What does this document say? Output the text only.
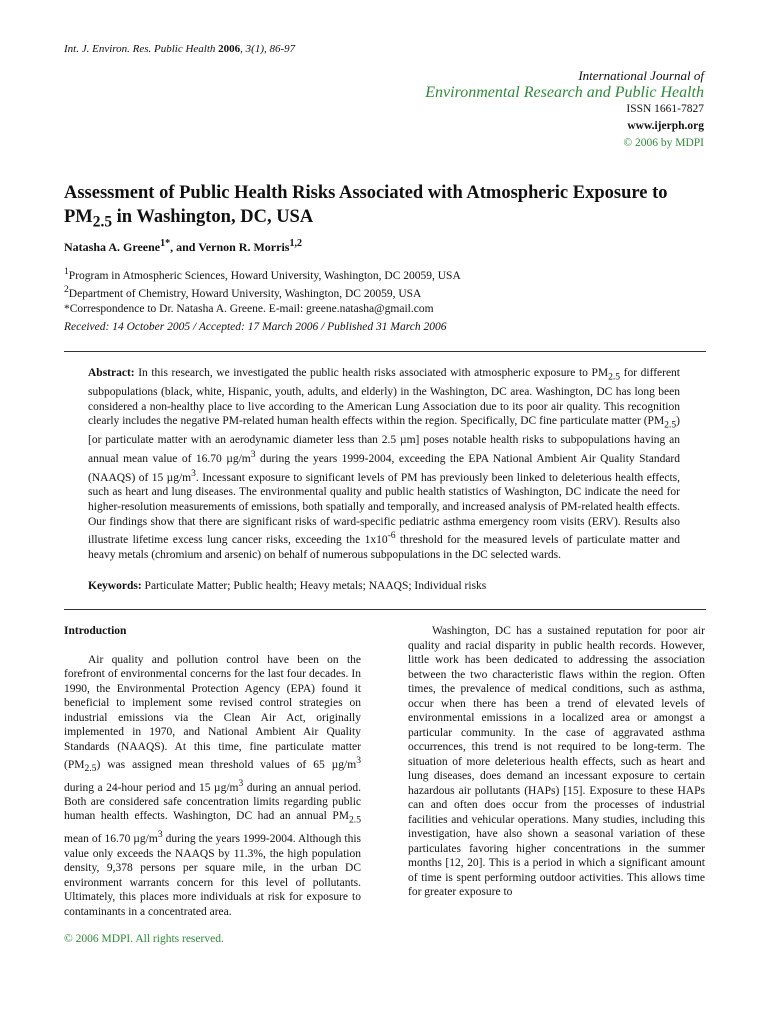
Int. J. Environ. Res. Public Health 2006, 3(1), 86-97
International Journal of
Environmental Research and Public Health
ISSN 1661-7827
www.ijerph.org
© 2006 by MDPI
Assessment of Public Health Risks Associated with Atmospheric Exposure to $PM_{2.5}$ in Washington, DC, USA
Natasha A. Greene$^{1*}$, and Vernon R. Morris$^{1,2}$
$^1$Program in Atmospheric Sciences, Howard University, Washington, DC 20059, USA
$^2$Department of Chemistry, Howard University, Washington, DC 20059, USA
*Correspondence to Dr. Natasha A. Greene. E-mail: greene.natasha@gmail.com
Received: 14 October 2005 / Accepted: 17 March 2006 / Published 31 March 2006
Abstract: In this research, we investigated the public health risks associated with atmospheric exposure to $PM_{2.5}$ for different subpopulations (black, white, Hispanic, youth, adults, and elderly) in the Washington, DC area. Washington, DC has long been considered a non-healthy place to live according to the American Lung Association due to its poor air quality. This recognition clearly includes the negative PM-related human health effects within the region. Specifically, DC fine particulate matter $(PM_{2.5})$ [or particulate matter with an aerodynamic diameter less than 2.5 µm] poses notable health risks to subpopulations having an annual mean value of 16.70 $\mu g/m^3$ during the years 1999-2004, exceeding the EPA National Ambient Air Quality Standard (NAAQS) of 15 $\mu g/m^3$. Incessant exposure to significant levels of PM has previously been linked to deleterious health effects, such as heart and lung diseases. The environmental quality and public health statistics of Washington, DC indicate the need for higher-resolution measurements of emissions, both spatially and temporally, and increased analysis of PM-related health effects. Our findings show that there are significant risks of ward-specific pediatric asthma emergency room visits (ERV). Results also illustrate lifetime excess lung cancer risks, exceeding the $1x10^{-6}$ threshold for the measured levels of particulate matter and heavy metals (chromium and arsenic) on behalf of numerous subpopulations in the DC selected wards.
Keywords: Particulate Matter; Public health; Heavy metals; NAAQS; Individual risks
Introduction

Air quality and pollution control have been on the forefront of environmental concerns for the last four decades. In 1990, the Environmental Protection Agency (EPA) found it beneficial to implement some revised control strategies on industrial emissions via the Clean Air Act, originally implemented in 1970, and National Ambient Air Quality Standards (NAAQS). At this time, fine particulate matter $(PM_{2.5})$ was assigned mean threshold values of 65 $\mu g/m^3$ during a 24-hour period and 15 $\mu g/m^3$ during an annual period. Both are considered safe concentration limits regarding public human health effects. Washington, DC had an annual $PM_{2.5}$ mean of 16.70 $\mu g/m^3$ during the years 1999-2004. Although this value only exceeds the NAAQS by 11.3%, the high population density, 9,378 persons per square mile, in the urban DC environment warrants concern for this level of pollutants. Ultimately, this places more individuals at risk for exposure to contaminants in a concentrated area.

Washington, DC has a sustained reputation for poor air quality and racial disparity in public health records. However, little work has been dedicated to addressing the association between the two characteristic flaws within the region. Often times, the prevalence of medical conditions, such as asthma, occur when there has been a trend of elevated levels of environmental emissions in a localized area or amongst a particular community. In the case of aggravated asthma occurrences, this trend is not required to be long-term. The situation of more deleterious health effects, such as heart and lung diseases, does demand an incessant exposure to certain hazardous air pollutants (HAPs) [15]. Exposure to these HAPs can and often does occur from the processes of industrial facilities and vehicular operations. Many studies, including this investigation, have also shown a seasonal variation of these particulates favoring higher concentrations in the summer months [12, 20]. This is a period in which a significant amount of time is spent performing outdoor activities. This allows time for greater exposure to

© 2006 MDPI. All rights reserved.
